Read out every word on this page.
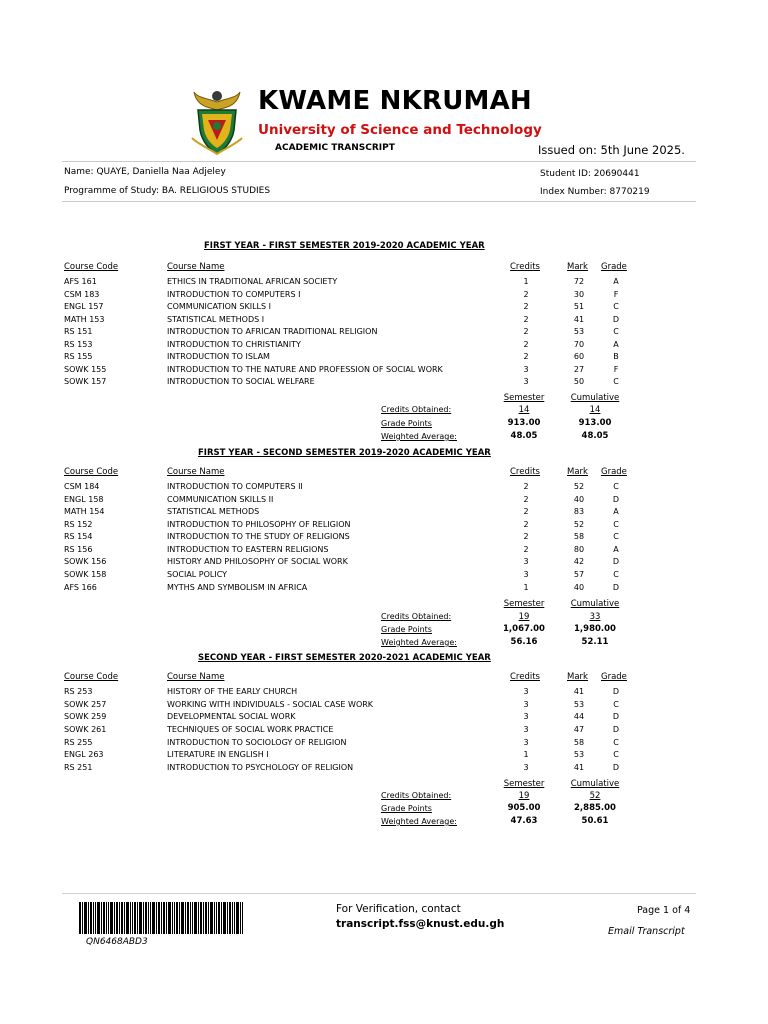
KWAME NKRUMAH
University of Science and Technology
ACADEMIC TRANSCRIPT	Issued on: 5th June 2025.
Name: QUAYE, Daniella Naa Adjeley	Student ID: 20690441
Programme of Study: BA. RELIGIOUS STUDIES	Index Number: 8770219
FIRST YEAR - FIRST SEMESTER 2019-2020 ACADEMIC YEAR
Course Code	Course Name	Credits	Mark Grade
AFS 161	ETHICS IN TRADITIONAL AFRICAN SOCIETY	1	72	A
CSM 183	INTRODUCTION TO COMPUTERS I	2	30	F
ENGL 157	COMMUNICATION SKILLS I	2	51	C
MATH 153	STATISTICAL METHODS I	2	41	D
RS 151	INTRODUCTION TO AFRICAN TRADITIONAL RELIGION	2	53	C
RS 153	INTRODUCTION TO CHRISTIANITY	2	70	A
RS 155	INTRODUCTION TO ISLAM	2	60	B
SOWK 155	INTRODUCTION TO THE NATURE AND PROFESSION OF SOCIAL WORK	3	27	F
SOWK 157	INTRODUCTION TO SOCIAL WELFARE	3	50	C
Semester	Cumulative
Credits Obtained:	14	14
Grade Points	913.00	913.00
Weighted Average:	48.05	48.05
FIRST YEAR - SECOND SEMESTER 2019-2020 ACADEMIC YEAR
Course Code	Course Name	Credits	Mark Grade
CSM 184	INTRODUCTION TO COMPUTERS II	2	52	C
ENGL 158	COMMUNICATION SKILLS II	2	40	D
MATH 154	STATISTICAL METHODS	2	83	A
RS 152	INTRODUCTION TO PHILOSOPHY OF RELIGION	2	52	C
RS 154	INTRODUCTION TO THE STUDY OF RELIGIONS	2	58	C
RS 156	INTRODUCTION TO EASTERN RELIGIONS	2	80	A
SOWK 156	HISTORY AND PHILOSOPHY OF SOCIAL WORK	3	42	D
SOWK 158	SOCIAL POLICY	3	57	C
AFS 166	MYTHS AND SYMBOLISM IN AFRICA	1	40	D
Semester	Cumulative
Credits Obtained:	19	33
Grade Points	1,067.00	1,980.00
Weighted Average:	56.16	52.11
SECOND YEAR - FIRST SEMESTER 2020-2021 ACADEMIC YEAR
Course Code	Course Name	Credits	Mark Grade
RS 253	HISTORY OF THE EARLY CHURCH	3	41	D
SOWK 257	WORKING WITH INDIVIDUALS - SOCIAL CASE WORK	3	53	C
SOWK 259	DEVELOPMENTAL SOCIAL WORK	3	44	D
SOWK 261	TECHNIQUES OF SOCIAL WORK PRACTICE	3	47	D
RS 255	INTRODUCTION TO SOCIOLOGY OF RELIGION	3	58	C
ENGL 263	LITERATURE IN ENGLISH I	1	53	C
RS 251	INTRODUCTION TO PSYCHOLOGY OF RELIGION	3	41	D
Semester	Cumulative
Credits Obtained:	19	52
Grade Points	905.00	2,885.00
Weighted Average:	47.63	50.61
QN6468ABD3
For Verification, contact
transcript.fss@knust.edu.gh
Page 1 of 4
Email Transcript
